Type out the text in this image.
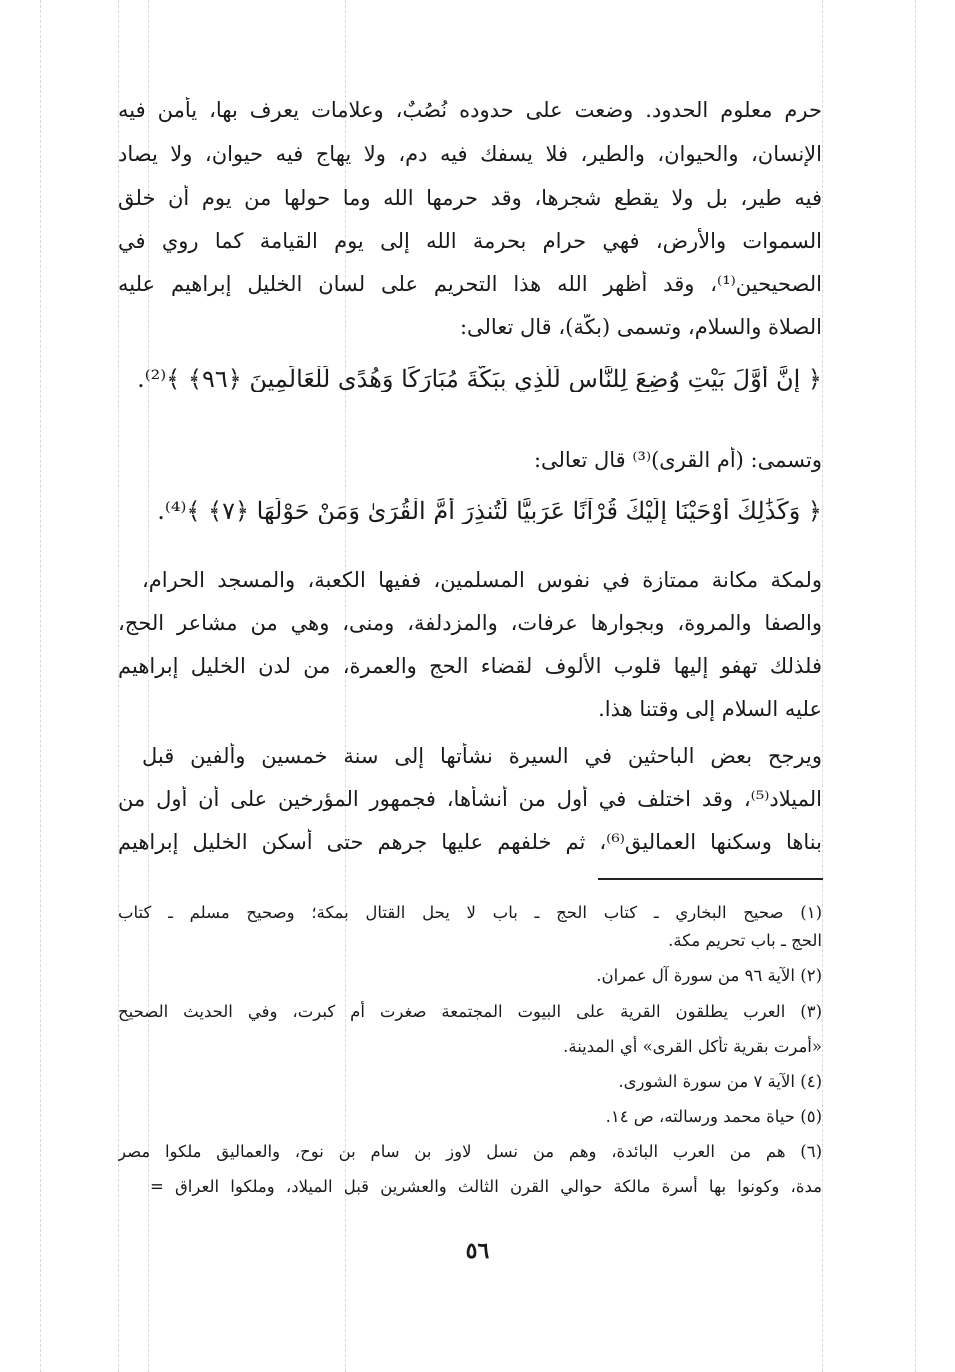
حرم معلوم الحدود. وضعت على حدوده نُصُبٌ، وعلامات يعرف بها، يأمن فيه
الإنسان، والحيوان، والطير، فلا يسفك فيه دم، ولا يهاج فيه حيوان، ولا يصاد
فيه طير، بل ولا يقطع شجرها، وقد حرمها الله وما حولها من يوم أن خلق
السموات والأرض، فهي حرام بحرمة الله إلى يوم القيامة كما روي في
الصحيحين⁽¹⁾، وقد أظهر الله هذا التحريم على لسان الخليل إبراهيم عليه
الصلاة والسلام، وتسمى (بكَّة)، قال تعالى:
﴿ إِنَّ أَوَّلَ بَيْتٍ وُضِعَ لِلنَّاسِ لَلَّذِي بِبَكَّةَ مُبَارَكًا وَهُدًى لِّلْعَالَمِينَ ﴿٩٦﴾ ﴾⁽²⁾.
وتسمى: (أم القرى)⁽³⁾ قال تعالى:
﴿ وَكَذَٰلِكَ أَوْحَيْنَا إِلَيْكَ قُرْآنًا عَرَبِيًّا لِّتُنذِرَ أُمَّ الْقُرَىٰ وَمَنْ حَوْلَهَا ﴿٧﴾ ﴾⁽⁴⁾.
ولمكة مكانة ممتازة في نفوس المسلمين، ففيها الكعبة، والمسجد الحرام،
والصفا والمروة، وبجوارها عرفات، والمزدلفة، ومنى، وهي من مشاعر الحج،
فلذلك تهفو إليها قلوب الألوف لقضاء الحج والعمرة، من لدن الخليل إبراهيم
عليه السلام إلى وقتنا هذا.
ويرجح بعض الباحثين في السيرة نشأتها إلى سنة خمسين وألفين قبل
الميلاد⁽⁵⁾، وقد اختلف في أول من أنشأها، فجمهور المؤرخين على أن أول من
بناها وسكنها العماليق⁽⁶⁾، ثم خلفهم عليها جرهم حتى أسكن الخليل إبراهيم
(١) صحيح البخاري ـ كتاب الحج ـ باب لا يحل القتال بمكة؛ وصحيح مسلم ـ كتاب
الحج ـ باب تحريم مكة.
(٢) الآية ٩٦ من سورة آل عمران.
(٣) العرب يطلقون القرية على البيوت المجتمعة صغرت أم كبرت، وفي الحديث الصحيح
«أمرت بقرية تأكل القرى» أي المدينة.
(٤) الآية ٧ من سورة الشورى.
(٥) حياة محمد ورسالته، ص ١٤.
(٦) هم من العرب البائدة، وهم من نسل لاوز بن سام بن نوح، والعماليق ملكوا مصر
مدة، وكونوا بها أسرة مالكة حوالي القرن الثالث والعشرين قبل الميلاد، وملكوا العراق =
٥٦
